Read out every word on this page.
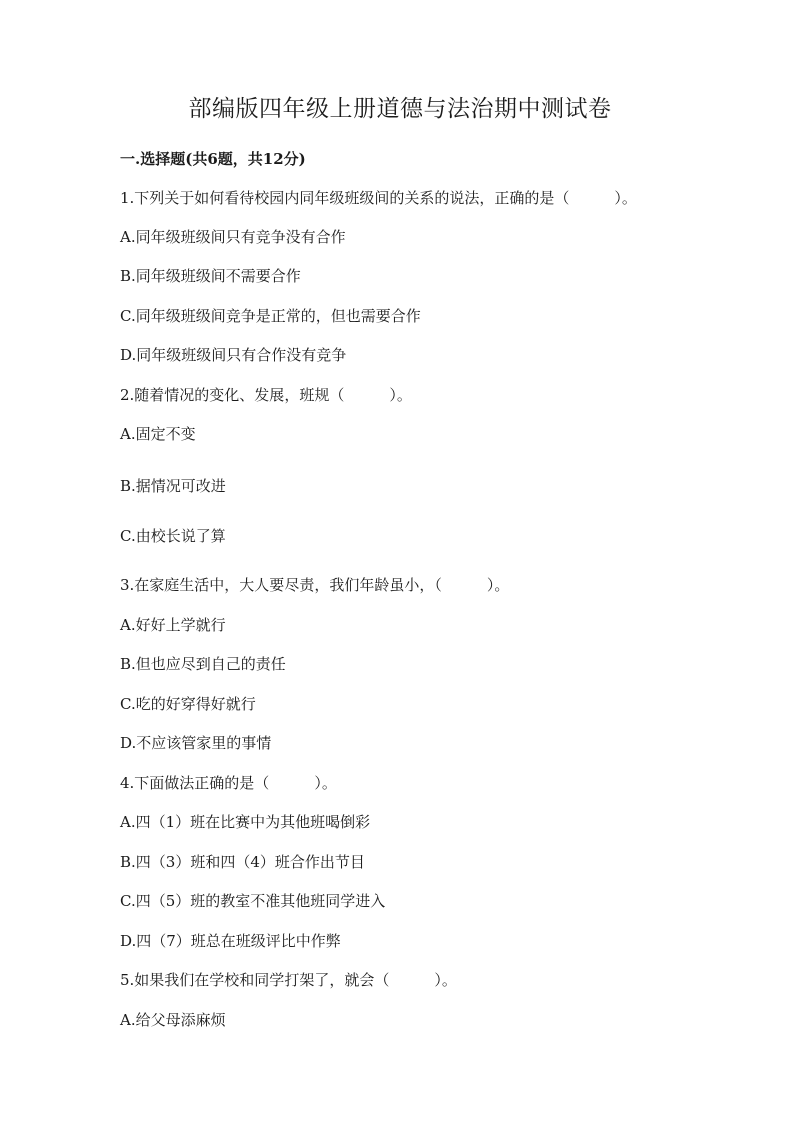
部编版四年级上册道德与法治期中测试卷
一.选择题(共6题，共12分)
1.下列关于如何看待校园内同年级班级间的关系的说法，正确的是（　　　）。
A.同年级班级间只有竞争没有合作
B.同年级班级间不需要合作
C.同年级班级间竞争是正常的，但也需要合作
D.同年级班级间只有合作没有竞争
2.随着情况的变化、发展，班规（　　　）。
A.固定不变
B.据情况可改进
C.由校长说了算
3.在家庭生活中，大人要尽责，我们年龄虽小，（　　　）。
A.好好上学就行
B.但也应尽到自己的责任
C.吃的好穿得好就行
D.不应该管家里的事情
4.下面做法正确的是（　　　）。
A.四（1）班在比赛中为其他班喝倒彩
B.四（3）班和四（4）班合作出节目
C.四（5）班的教室不准其他班同学进入
D.四（7）班总在班级评比中作弊
5.如果我们在学校和同学打架了，就会（　　　）。
A.给父母添麻烦
